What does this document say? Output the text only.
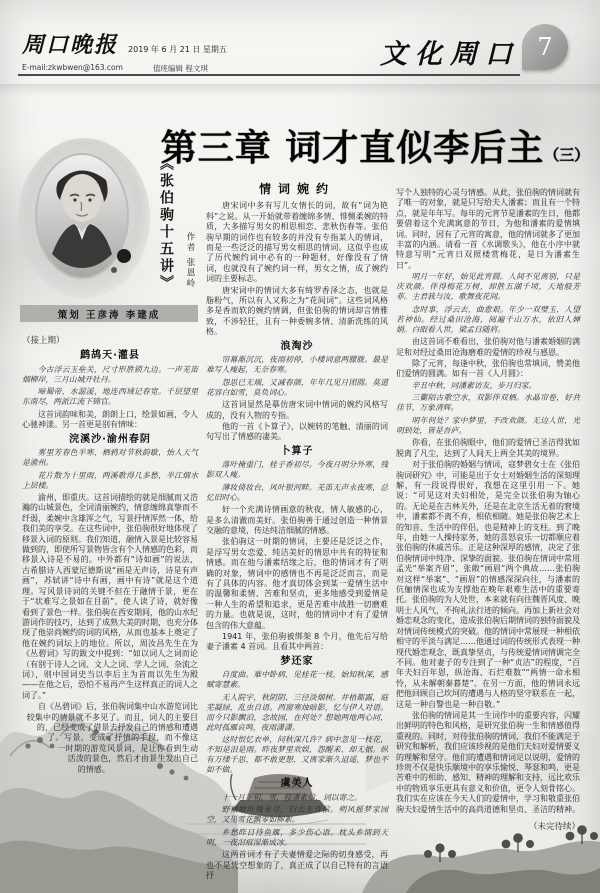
周口晚报 2019 年 6 月 21 日 星期五
E-mail:zkwbwen@163.com	值班编辑 程文琪	文化周口 7
第三章 词才直似李后主（三）
《张伯驹十五讲》 作者 张恩岭
策划 王彦涛 李建成
（接上期）
鹧鸪天·灌县
今古浮云玉垒关，尺寸形胜锁九边。一声羌笛烟柳岸，三月山城开牡丹。
啼蜀帝，水潺湲，地连西域记春宽。千层望里东南尽，两派江流下锦官。
这首词韵味和美，朗朗上口，绘景如画，令人心驰神漾。另一首更是别有情味：
浣溪沙·渝州春阴
雾里芳春色半寒，栖鸦对节秋韵歇，怡人天气是渝州。
花片散为十里雨，两溪歌得几多愁，半江烟水上层楼。
渝州，即重庆。这首词描绘的就是细腻而又浩瀚的山城景色，全词清丽婉约，情意缠绵真挚而不纤弱，柔婉中含雄浑之气，写景抒情浑然一体，给我们美的享受。在这些词中，张伯驹很好地体现了移景入词的原则。我们知道，融情入景是比较容易做到的，即使所写景物皆含有个人情感的色彩，而移景入诗是不易的。中外都有“诗如画”的说法，古希腊诗人西蒙尼德斯说“画是无声诗，诗是有声画”，苏轼讲“诗中有画，画中有诗”就是这个道理。写风景诗词的关键不但在于融情于景，更在于“状难写之景如在目前”，使人读了诗，就好像看到了景色一样。张伯驹在西安期间，他的山水纪游词作的技巧，达到了成熟大美的时期，也充分体现了他崇尚婉约的词的风格，从而也基本上奠定了他在婉约词坛上的地位。所以，周汝昌先生在为《丛碧词》写的跋文中提到：“如以词人之词而论（有别于诗人之词、文人之词、学人之词、杂流之词），则中国词史当以李后主为首而以先生为殿——在他之后，恐怕不易再产生这样真正的词人之词了。”
自《丛碧词》后，张伯驹词集中山水游览词比较集中的情景就不多见了。而且，词人的主要目的，已经变成了借景去抒发自己的情感和遭遇了。写景，变成了抒情的手段，而不像这一时期的游览风景词，是让你看到生动活泼的景色，然后才由景生发出自己的情感。
情词婉约
唐宋词中多有写儿女情长的词，故有“词为艳科”之说。从一开始就带着缠绵多情、悱恻柔婉的特质，大多描写男女的相思相恋、悲秋伤春等。张伯驹早期的词作也有较多的并没有专指某人的情词，而是一些泛泛的描写男女相思的情词。这似乎也成了历代婉约词中必有的一种题材，好像没有了情词，也就没有了婉约词一样，男女之情，成了婉约词的主要标志。
唐宋词中的情词大多有绮罗香泽之态，也就是脂粉气，所以有人又称之为“花间词”。这些词风格多是香而软的婉约情调，但张伯驹的情词却言情雅致，不涉轻狂，且有一种委婉多情、清新洗练的风格。
浪淘沙
帘幕渐沉沉，夜雨初停，小楼词意两朦胧。最是难写人瘦起，无奈春寒。
怨思已无端，又减春颜，年年几见月团圆。莫道花容白如雪，莫负词心。
这首词显然是摹仿唐宋词中情词的婉约风格写成的，没有人物的专指。
他的一首《卜算子》，以婉转的笔触、清丽的词句写出了情感的凄美。
卜算子
落叶掩重门，桂子香初尽。今夜月明分外寒，残影双人瘦。
薄妆倚妆台，风叶银河畔。羌笛无声永夜寒，总忆旧时心。
好一个充满诗情画意的秋夜，情人敏感的心，是多么清澈而美好。张伯驹善于通过创造一种情景交融的意境，传达纯洁细腻的情感。
张伯驹这一时期的情词，主要还是泛泛之作，是浮写男女恋爱、纯洁美好的情思中共有的特征和情感。而在他与潘素结缘之后，他的情词才有了明确的对象，情词中的感情也不再是泛泛而言，而是有了具体的内容。他才真切体会到某一爱情生活中的温馨和柔情、苦难和坚贞，更多地感受到爱情是一种人生的希望和追求，更是苦难中战胜一切磨难的力量。也就是说，这时，他的情词中才有了爱情包含的伟大意蕴。
1941 年，张伯驹被绑架 8 个月，他先后写给妻子潘素 4 首词。且看其中两首：
梦还家
自度曲。难中卧病，见桂花一枝，始知秋深，感赋寄慧素。
无人院宇，秋阴阴、三径淡烟树。井梧都露，庭芜凝绿，乱虫自语。西窗寒烛暗影，忆与伊人对语。而今只影飘泊，念故园，在何处？想她两地两心同，此时孤雁哀鸣，夜雨潇潇。
这时恨忆衣单，问秋深几许？病中忽见一枝花，不知是泪是雨。昨夜梦里欢娱，怨醒来、却无据。纵有万缕千思，都不敢更想，又离家渐久迢遥，梦也不如不做。
虞美人
十一月下旬，雪，接潘素信，词以寄之。
野梧败叶残未尽，归去无音信。朔风摇梦家园空，又见雪花飘零如柳絮。
乡愁昨日待鱼雁，多少伤心语。枕头乡情到天明，一夜泪痕湿渐成冰。
这两首词才有了夫妻情爱之际的切身感受，再也不是凭空想象的了，真正成了以自己特有的言语抒
写个人独特的心灵与情感。从此，张伯驹的情词就有了唯一的对象，就是只写给夫人潘素；而且有一个特点，就是年年写。每年的元宵节是潘素的生日，他都要借着这个充满寓意的节日，为他和潘素的爱情填词。同时，因有了元宵的寓意，他的情词就多了更加丰富的内涵。请看一首《水调歌头》，他在小序中就特意写明“元宵日双照楼赏梅花，是日为潘素生日”。
明月一年好，始见此宵圆。人间不见离别，只是庆欢颜。伴得梅花万树，却胜五湖千顷，天地般芳菲。主君我与汝，歌舞夜花间。
念时事，浮云去，曲愈艰。年少一双璧玉，人望若神仙。经过桑田沧海，阅遍千山万水，依旧人婵娟。白眼看人世，梁孟日随肩。
由这首词不难看出，张伯驹对他与潘素婚姻的满足和对经过桑田沧海磨难的爱情的珍视与感恩。
除了元宵，每逢中秋，张伯驹也常填词，赞美他们爱情的圆满。如有一首《人月圆》：
辛丑中秋，同潘素访友，步月归家。
三衢陌古歌空水，双影伴双栖。水晶帘卷，好共佳节，万象清辉。
明年何处？家中梦里，不改欢颜。无边人世，光明到处，皆是吾庐。
你看，在张伯驹眼中，他们的爱情已圣洁得犹如脱离了凡尘，达到了人间天上两全其美的境界。
对于张伯驹的婚姻与情词，寇梦碧女士在《张伯驹词研究》中，可能是出于女士对婚姻生活的深刻理解，有一段说得很好，我想在这里引用一下。她说：“可见这对夫妇相处，是完全以张伯驹为轴心的。无论是在吉林关外，还是在北京生活无着的窘境中，潘素都不离不弃，相依相随。她是张伯驹艺术上的知音、生活中的伴侣，也是精神上的支柱。到了晚年，由她一人操持家务，她的喜怒哀乐一切都顺应着张伯驹的休戚苦乐。正是这种深厚的感情，决定了张伯驹情词中纯净、深挚的面貌。张伯驹在情词中常用孟光“举案齐眉”、张敞“画眉”两个典故……张伯驹对这样“举案”、“画眉”的情感深深向往，与潘素的伉俪情深也成为支撑他在晚年艰难生活中的重要寄托。张伯驹的为人处世，本来就有向往魏晋风度、晚明士人风气，不拘礼法行迹的倾向。再加上新社会对婚恋观念的变化，造成张伯驹后期情词的独特面貌及对情词传统模式的突破。他的情词中常展现一种相依相守的平淡与满足……他通过词的传统形式表现一种现代婚恋观念，既真挚坚贞，与传统爱情词情调完全不同。他对妻子的专注到了一种“贞洁”的程度，“百年夫妇百年恩，纵沧海、石烂难数”“两情一命永相怜，从未解朝秦暮楚”。在另一方面，他的情词永远把他回顾自己坎坷的遭遇与人格的坚守联系在一起，这是一种自警也是一种自敬。”
张伯驹的情词是其一生词作中的重要内容，闪耀出鲜明的特色和风格，是研究张伯驹一生和情感值得重视的。同时，对待张伯驹的情词，我们不能满足于研究和解析，我们应该珍视的是他们夫妇对爱情要义的理解和坚守。他们的遭遇和情词足以说明，爱情的珍贵不仅是快乐顺境中的享乐愉悦、琴瑟和鸣，更是苦难中的相助、感知、精神的理解和支持，远比欢乐中的物质享乐更具有意义和价值，更令人刻骨铭心。我们实在应该在今天人们的爱情中，学习和敬重张伯驹夫妇爱情生活中的高尚道德和坚贞、圣洁的精神。
（未完待续）
